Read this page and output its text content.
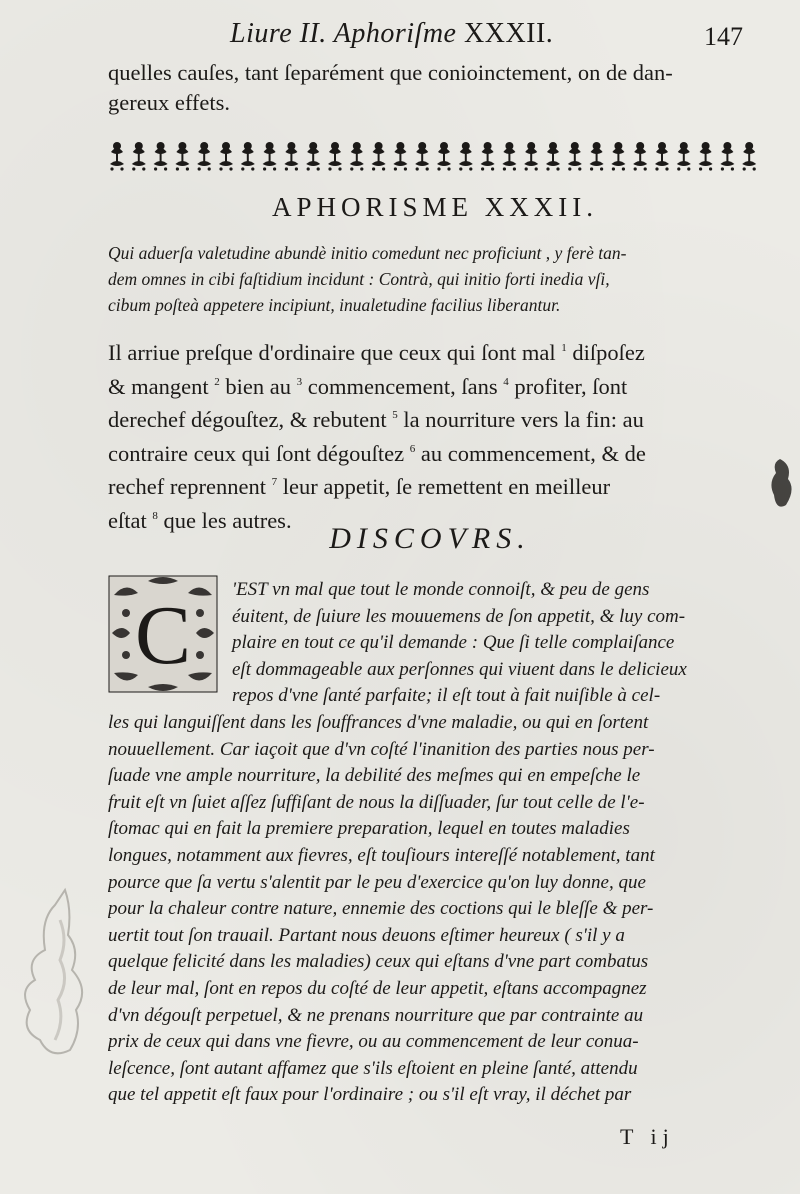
Liure II. Aphoriſme XXXII.	147
quelles cauſes, tant ſeparément que conioinctement, on de dan-
gereux effets.
APHORISME XXXII.
Qui aduerſa valetudine abundè initio comedunt nec proficiunt , y ferè tan-
dem omnes in cibi faſtidium incidunt : Contrà, qui initio forti inedia vſi,
cibum poſteà appetere incipiunt, inualetudine facilius liberantur.
Il arriue preſque d'ordinaire que ceux qui ſont mal $^1$ diſpoſez
& mangent $^2$ bien au $^3$ commencement, ſans $^4$ profiter, ſont
derechef dégouſtez, & rebutent $^5$ la nourriture vers la fin: au
contraire ceux qui ſont dégouſtez $^6$ au commencement, & de
rechef reprennent $^7$ leur appetit, ſe remettent en meilleur
eſtat $^8$ que les autres.
DISCOVRS.
C	'EST vn mal que tout le monde connoiſt, & peu de gens
éuitent, de ſuiure les mouuemens de ſon appetit, & luy com-
plaire en tout ce qu'il demande : Que ſi telle complaiſance
eſt dommageable aux perſonnes qui viuent dans le delicieux
repos d'vne ſanté parfaite; il eſt tout à fait nuiſible à cel-
les qui languiſſent dans les ſouffrances d'vne maladie, ou qui en ſortent
nouuellement. Car iaçoit que d'vn coſté l'inanition des parties nous per-
ſuade vne ample nourriture, la debilité des meſmes qui en empeſche le
fruit eſt vn ſuiet aſſez ſuffiſant de nous la diſſuader, ſur tout celle de l'e-
ſtomac qui en fait la premiere preparation, lequel en toutes maladies
longues, notamment aux fievres, eſt touſiours intereſſé notablement, tant
pource que ſa vertu s'alentit par le peu d'exercice qu'on luy donne, que
pour la chaleur contre nature, ennemie des coctions qui le bleſſe & per-
uertit tout ſon trauail. Partant nous deuons eſtimer heureux ( s'il y a
quelque felicité dans les maladies) ceux qui eſtans d'vne part combatus
de leur mal, ſont en repos du coſté de leur appetit, eſtans accompagnez
d'vn dégouſt perpetuel, & ne prenans nourriture que par contrainte au
prix de ceux qui dans vne fievre, ou au commencement de leur conua-
leſcence, ſont autant affamez que s'ils eſtoient en pleine ſanté, attendu
que tel appetit eſt faux pour l'ordinaire ; ou s'il eſt vray, il déchet par
T ij
